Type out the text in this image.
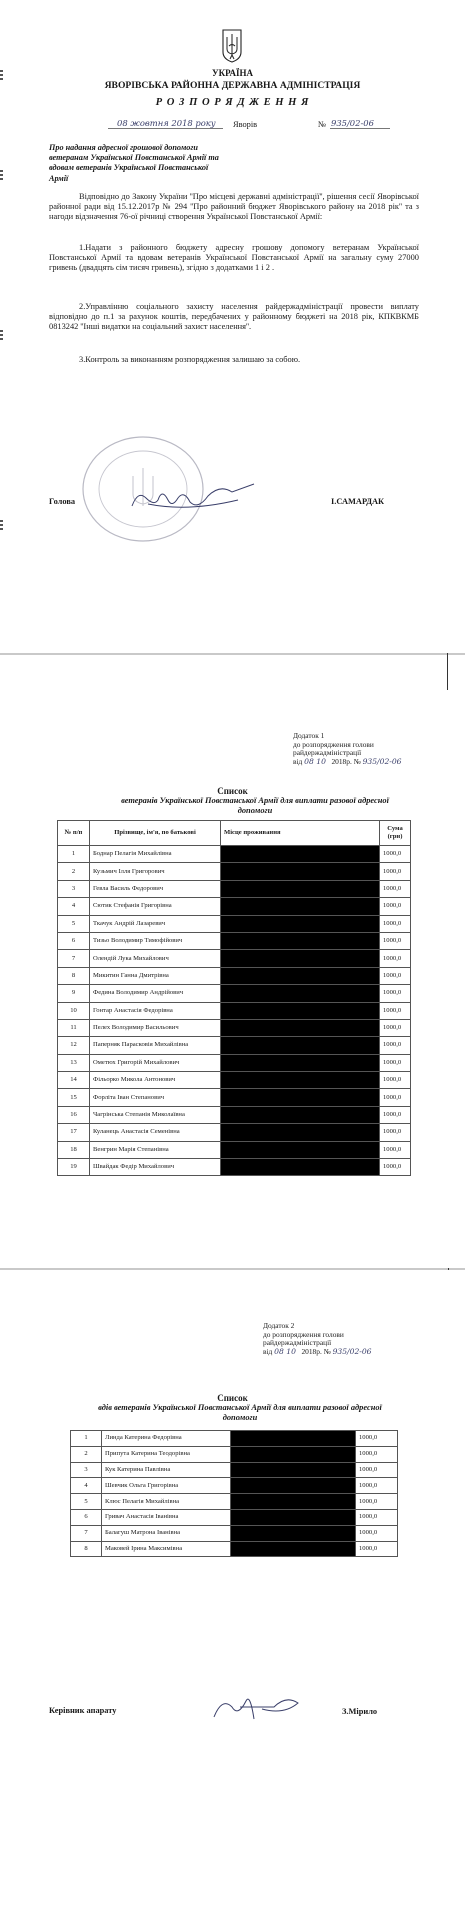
УКРАЇНА
ЯВОРІВСЬКА РАЙОННА ДЕРЖАВНА АДМІНІСТРАЦІЯ
Р О З П О Р Я Д Ж Е Н Н Я
08 жовтня 2018 року	Яворів	№ 935/02-06
Про надання адресної грошової допомоги ветеранам Української Повстанської Армії та вдовам ветеранів Української Повстанської Армії

Відповідно до Закону України ''Про місцеві державні адміністрації'', рішення сесії Яворівської районної ради від 15.12.2017р № 294 ''Про районний бюджет Яворівського району на 2018 рік'' та з нагоди відзначення 76-ої річниці створення Української Повстанської Армії:

1.Надати з районного бюджету адресну грошову допомогу ветеранам Української Повстанської Армії та вдовам ветеранів Української Повстанської Армії на загальну суму 27000 гривень (двадцять сім тисяч гривень), згідно з додатками 1 і 2 .

2.Управлінню соціального захисту населення райдержадміністрації провести виплату відповідно до п.1 за рахунок коштів, передбачених у районному бюджеті на 2018 рік, КПКВКМБ 0813242 ''Інші видатки на соціальний захист населення''.

3.Контроль за виконанням розпорядження залишаю за собою.

Голова	І.САМАРДАК
Додаток 1
до розпорядження голови
райдержадміністрації
від 08 10 2018р. № 935/02-06
Список
ветеранів Української Повстанської Армії для виплати разової адресної допомоги
№ п/п	Прізвище, ім'я, по батькові	Місце проживання	Сума (грн)
1	Боднар Пелагія Михайлівна		1000,0
2	Кузьмич Ілля Григорович		1000,0
3	Гевла Василь Федорович		1000,0
4	Сютик Стефанія Григорівна		1000,0
5	Ткачук Андрій Лазаревич		1000,0
6	Тизьо Володимир Тимофійович		1000,0
7	Олендій Лука Михайлович		1000,0
8	Микитин Ганна Дмитрівна		1000,0
9	Федина Володимир Андрійович		1000,0
10	Гонтар Анастасія Федорівна		1000,0
11	Пелех Володимир Васильович		1000,0
12	Паперняк Парасковія Михайлівна		1000,0
13	Ометюх Григорій Михайлович		1000,0
14	Фільорко Микола Антонович		1000,0
15	Форліта Іван Степанович		1000,0
16	Чагрінська Степанія Миколаївна		1000,0
17	Куланець Анастасія Семенівна		1000,0
18	Венгрин Марія Степанівна		1000,0
19	Швайдак Федір Михайлович		1000,0
Додаток 2
до розпорядження голови
райдержадміністрації
від 08 10 2018р. № 935/02-06
Список
вдів ветеранів Української Повстанської Армії для виплати разової адресної допомоги
1	Линда Катерина Федорівна		1000,0
2	Припута Катерина Теодорівна		1000,0
3	Кук Катерина Павлівна		1000,0
4	Шевчик Ольга Григорівна		1000,0
5	Клюс Пелагія Михайлівна		1000,0
6	Гривач Анастасія Іванівна		1000,0
7	Балагуш Матрона Іванівна		1000,0
8	Маковей Ірина Максимівна		1000,0
Керівник апарату	З.Мірило
